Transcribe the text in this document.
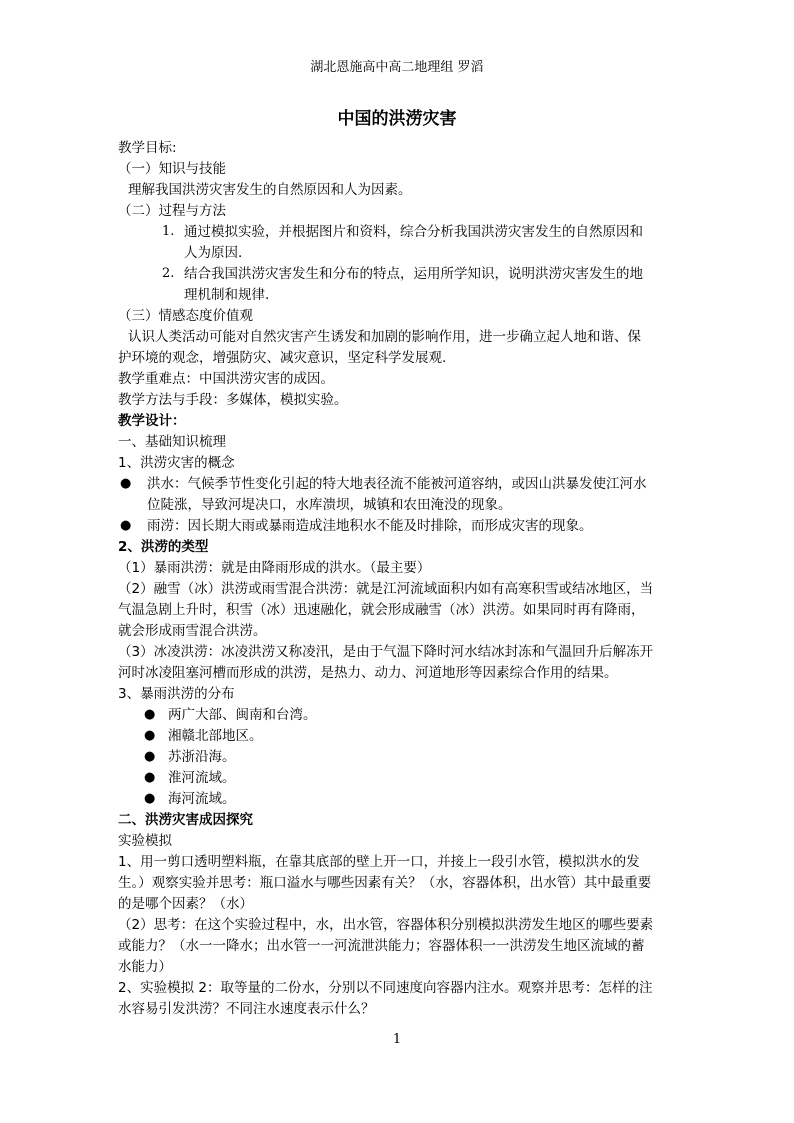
湖北恩施高中高二地理组 罗滔
中国的洪涝灾害
教学目标:
（一）知识与技能
理解我国洪涝灾害发生的自然原因和人为因素。
（二）过程与方法
1. 通过模拟实验，并根据图片和资料，综合分析我国洪涝灾害发生的自然原因和
人为原因.
2. 结合我国洪涝灾害发生和分布的特点，运用所学知识，说明洪涝灾害发生的地
理机制和规律.
（三）情感态度价值观
认识人类活动可能对自然灾害产生诱发和加剧的影响作用，进一步确立起人地和谐、保
护环境的观念，增强防灾、减灾意识，坚定科学发展观.
教学重难点：中国洪涝灾害的成因。
教学方法与手段：多媒体，模拟实验。
教学设计：
一、基础知识梳理
1、洪涝灾害的概念
● 洪水：气候季节性变化引起的特大地表径流不能被河道容纳，或因山洪暴发使江河水
位陡涨，导致河堤决口，水库溃坝，城镇和农田淹没的现象。
● 雨涝：因长期大雨或暴雨造成洼地积水不能及时排除，而形成灾害的现象。
2、洪涝的类型
（1）暴雨洪涝：就是由降雨形成的洪水。（最主要）
（2）融雪（冰）洪涝或雨雪混合洪涝：就是江河流域面积内如有高寒积雪或结冰地区，当
气温急剧上升时，积雪（冰）迅速融化，就会形成融雪（冰）洪涝。如果同时再有降雨，
就会形成雨雪混合洪涝。
（3）冰凌洪涝：冰凌洪涝又称凌汛，是由于气温下降时河水结冰封冻和气温回升后解冻开
河时冰凌阻塞河槽而形成的洪涝，是热力、动力、河道地形等因素综合作用的结果。
3、暴雨洪涝的分布
● 两广大部、闽南和台湾。
● 湘赣北部地区。
● 苏浙沿海。
● 淮河流域。
● 海河流域。
二、洪涝灾害成因探究
实验模拟
1、用一剪口透明塑料瓶，在靠其底部的壁上开一口，并接上一段引水管，模拟洪水的发
生。）观察实验并思考：瓶口溢水与哪些因素有关？（水，容器体积，出水管）其中最重要
的是哪个因素？（水）
（2）思考：在这个实验过程中，水，出水管，容器体积分别模拟洪涝发生地区的哪些要素
或能力？（水一一降水；出水管一一河流泄洪能力；容器体积一一洪涝发生地区流域的蓄
水能力）
2、实验模拟 2：取等量的二份水，分别以不同速度向容器内注水。观察并思考：怎样的注
水容易引发洪涝？不同注水速度表示什么？
1
